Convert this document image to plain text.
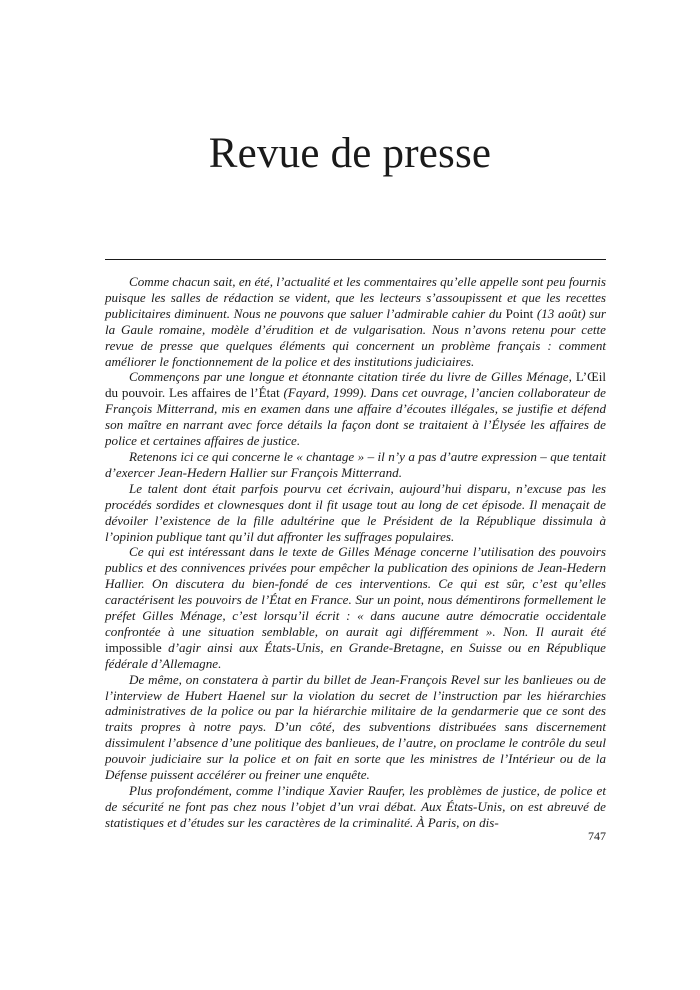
Revue de presse

Comme chacun sait, en été, l’actualité et les commentaires qu’elle appelle sont peu fournis puisque les salles de rédaction se vident, que les lecteurs s’assoupissent et que les recettes publicitaires diminuent. Nous ne pouvons que saluer l’admirable cahier du Point (13 août) sur la Gaule romaine, modèle d’érudition et de vulgarisation. Nous n’avons retenu pour cette revue de presse que quelques éléments qui concernent un problème français : comment améliorer le fonctionnement de la police et des institutions judiciaires.

Commençons par une longue et étonnante citation tirée du livre de Gilles Ménage, L’Œil du pouvoir. Les affaires de l’État (Fayard, 1999). Dans cet ouvrage, l’ancien collaborateur de François Mitterrand, mis en examen dans une affaire d’écoutes illégales, se justifie et défend son maître en narrant avec force détails la façon dont se traitaient à l’Élysée les affaires de police et certaines affaires de justice.

Retenons ici ce qui concerne le « chantage » – il n’y a pas d’autre expression – que tentait d’exercer Jean-Hedern Hallier sur François Mitterrand.

Le talent dont était parfois pourvu cet écrivain, aujourd’hui disparu, n’excuse pas les procédés sordides et clownesques dont il fit usage tout au long de cet épisode. Il menaçait de dévoiler l’existence de la fille adultérine que le Président de la République dissimula à l’opinion publique tant qu’il dut affronter les suffrages populaires.

Ce qui est intéressant dans le texte de Gilles Ménage concerne l’utilisation des pouvoirs publics et des connivences privées pour empêcher la publication des opinions de Jean-Hedern Hallier. On discutera du bien-fondé de ces interventions. Ce qui est sûr, c’est qu’elles caractérisent les pouvoirs de l’État en France. Sur un point, nous démentirons formellement le préfet Gilles Ménage, c’est lorsqu’il écrit : « dans aucune autre démocratie occidentale confrontée à une situation semblable, on aurait agi différemment ». Non. Il aurait été impossible d’agir ainsi aux États-Unis, en Grande-Bretagne, en Suisse ou en République fédérale d’Allemagne.

De même, on constatera à partir du billet de Jean-François Revel sur les banlieues ou de l’interview de Hubert Haenel sur la violation du secret de l’instruction par les hiérarchies administratives de la police ou par la hiérarchie militaire de la gendarmerie que ce sont des traits propres à notre pays. D’un côté, des subventions distribuées sans discernement dissimulent l’absence d’une politique des banlieues, de l’autre, on proclame le contrôle du seul pouvoir judiciaire sur la police et on fait en sorte que les ministres de l’Intérieur ou de la Défense puissent accélérer ou freiner une enquête.

Plus profondément, comme l’indique Xavier Raufer, les problèmes de justice, de police et de sécurité ne font pas chez nous l’objet d’un vrai débat. Aux États-Unis, on est abreuvé de statistiques et d’études sur les caractères de la criminalité. À Paris, on dis-

747
